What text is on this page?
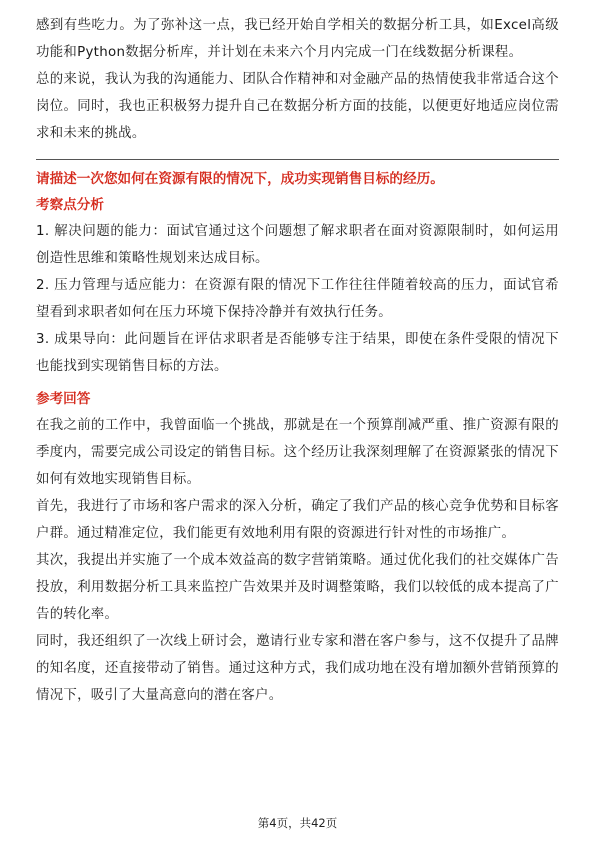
感到有些吃力。为了弥补这一点，我已经开始自学相关的数据分析工具，如Excel高级功能和Python数据分析库，并计划在未来六个月内完成一门在线数据分析课程。

总的来说，我认为我的沟通能力、团队合作精神和对金融产品的热情使我非常适合这个岗位。同时，我也正积极努力提升自己在数据分析方面的技能，以便更好地适应岗位需求和未来的挑战。

请描述一次您如何在资源有限的情况下，成功实现销售目标的经历。

考察点分析

1. 解决问题的能力：面试官通过这个问题想了解求职者在面对资源限制时，如何运用创造性思维和策略性规划来达成目标。

2. 压力管理与适应能力：在资源有限的情况下工作往往伴随着较高的压力，面试官希望看到求职者如何在压力环境下保持冷静并有效执行任务。

3. 成果导向：此问题旨在评估求职者是否能够专注于结果，即使在条件受限的情况下也能找到实现销售目标的方法。

参考回答

在我之前的工作中，我曾面临一个挑战，那就是在一个预算削减严重、推广资源有限的季度内，需要完成公司设定的销售目标。这个经历让我深刻理解了在资源紧张的情况下如何有效地实现销售目标。

首先，我进行了市场和客户需求的深入分析，确定了我们产品的核心竞争优势和目标客户群。通过精准定位，我们能更有效地利用有限的资源进行针对性的市场推广。

其次，我提出并实施了一个成本效益高的数字营销策略。通过优化我们的社交媒体广告投放，利用数据分析工具来监控广告效果并及时调整策略，我们以较低的成本提高了广告的转化率。

同时，我还组织了一次线上研讨会，邀请行业专家和潜在客户参与，这不仅提升了品牌的知名度，还直接带动了销售。通过这种方式，我们成功地在没有增加额外营销预算的情况下，吸引了大量高意向的潜在客户。

第4页，共42页
